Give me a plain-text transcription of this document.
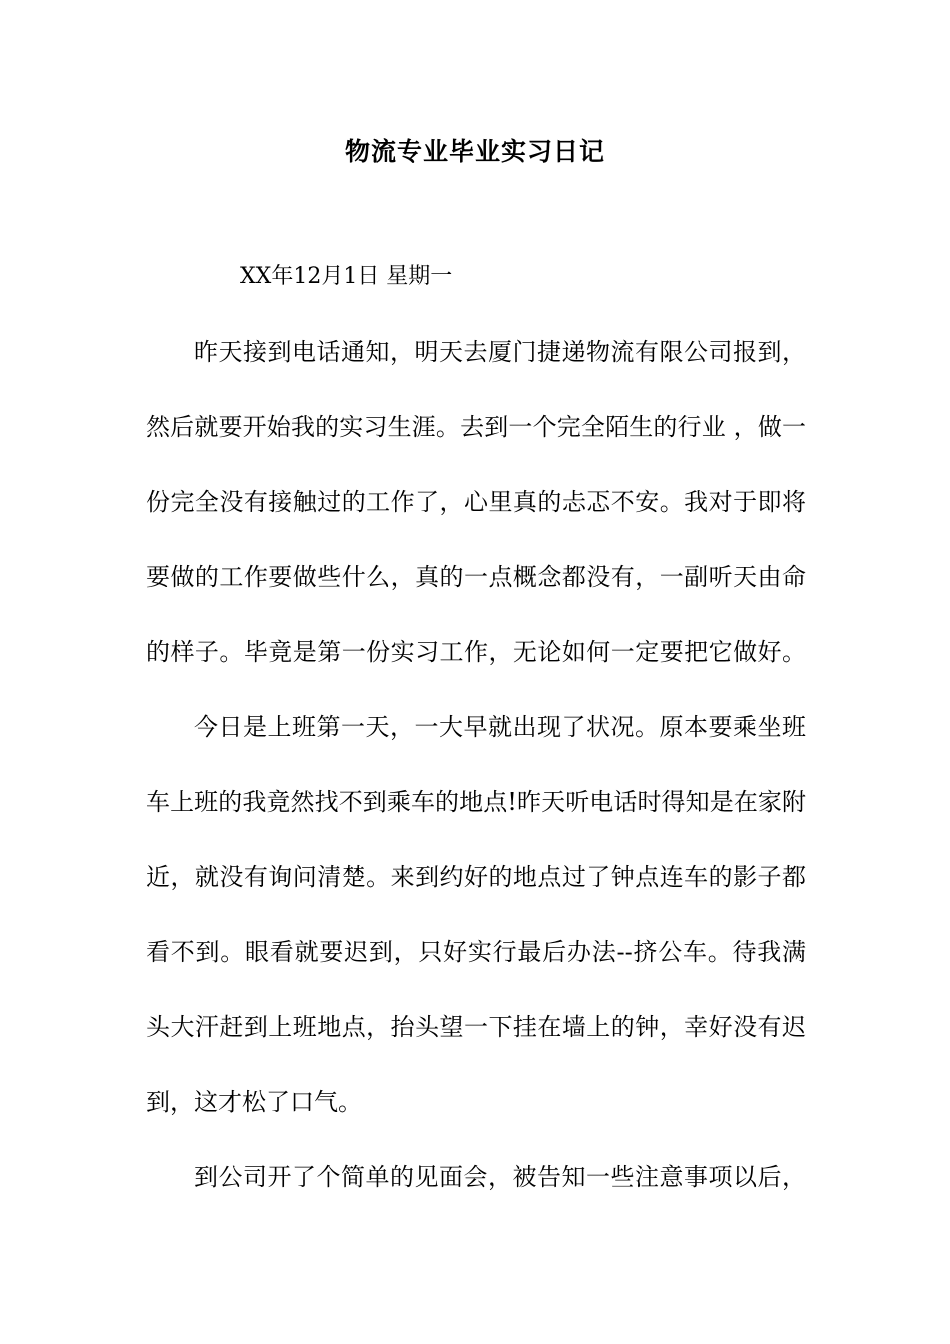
物流专业毕业实习日记
XX年12月1日 星期一
昨天接到电话通知，明天去厦门捷递物流有限公司报到，
然后就要开始我的实习生涯。去到一个完全陌生的行业 ，做一
份完全没有接触过的工作了，心里真的忐忑不安。我对于即将
要做的工作要做些什么，真的一点概念都没有，一副听天由命
的样子。毕竟是第一份实习工作，无论如何一定要把它做好。
今日是上班第一天，一大早就出现了状况。原本要乘坐班
车上班的我竟然找不到乘车的地点!昨天听电话时得知是在家附
近，就没有询问清楚。来到约好的地点过了钟点连车的影子都
看不到。眼看就要迟到，只好实行最后办法--挤公车。待我满
头大汗赶到上班地点，抬头望一下挂在墙上的钟，幸好没有迟
到，这才松了口气。
到公司开了个简单的见面会，被告知一些注意事项以后，
